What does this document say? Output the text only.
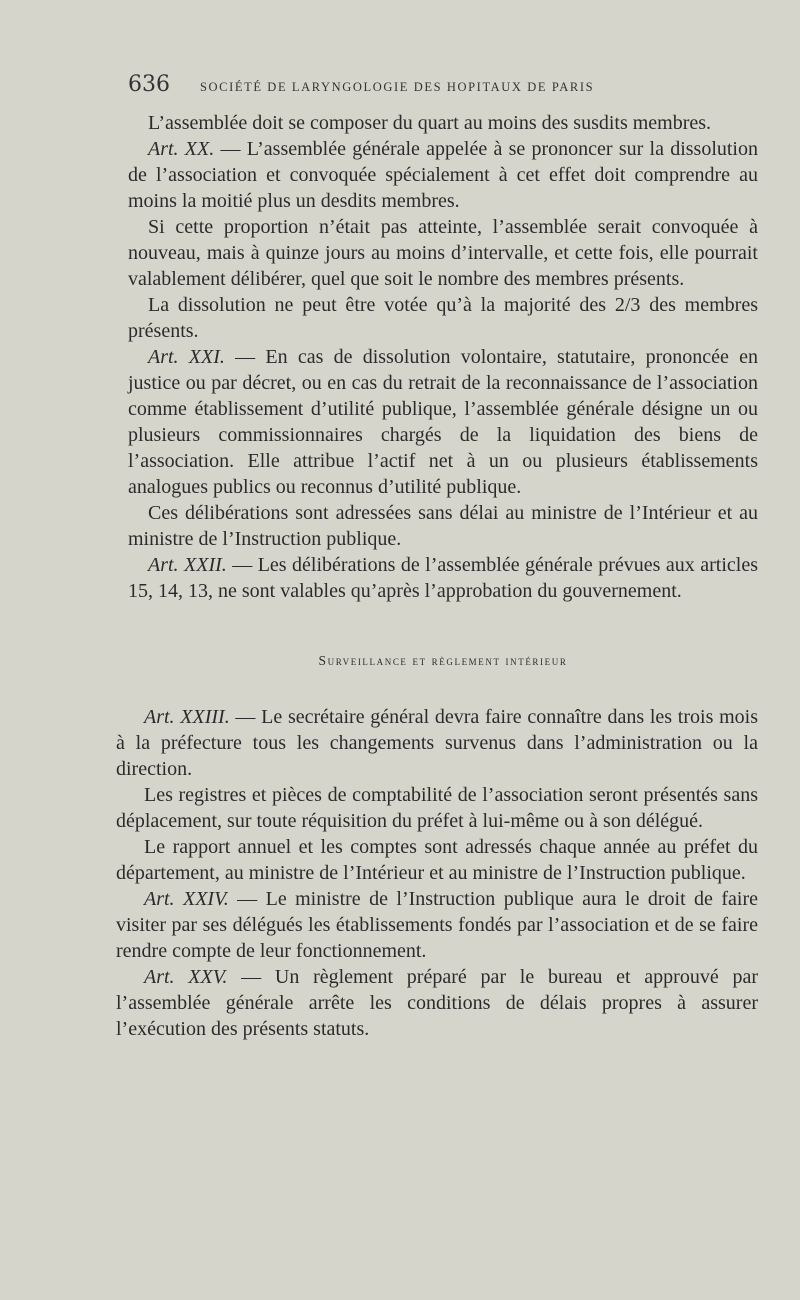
636 SOCIÉTÉ DE LARYNGOLOGIE DES HOPITAUX DE PARIS

L’assemblée doit se composer du quart au moins des susdits membres.

Art. XX. — L’assemblée générale appelée à se prononcer sur la dissolution de l’association et convoquée spécialement à cet effet doit comprendre au moins la moitié plus un desdits membres.

Si cette proportion n’était pas atteinte, l’assemblée serait convoquée à nouveau, mais à quinze jours au moins d’intervalle, et cette fois, elle pourrait valablement délibérer, quel que soit le nombre des membres présents.

La dissolution ne peut être votée qu’à la majorité des 2/3 des membres présents.

Art. XXI. — En cas de dissolution volontaire, statutaire, prononcée en justice ou par décret, ou en cas du retrait de la reconnaissance de l’association comme établissement d’utilité publique, l’assemblée générale désigne un ou plusieurs commissionnaires chargés de la liquidation des biens de l’association. Elle attribue l’actif net à un ou plusieurs établissements analogues publics ou reconnus d’utilité publique.

Ces délibérations sont adressées sans délai au ministre de l’Intérieur et au ministre de l’Instruction publique.

Art. XXII. — Les délibérations de l’assemblée générale prévues aux articles 15, 14, 13, ne sont valables qu’après l’approbation du gouvernement.

Surveillance et règlement intérieur

Art. XXIII. — Le secrétaire général devra faire connaître dans les trois mois à la préfecture tous les changements survenus dans l’administration ou la direction.

Les registres et pièces de comptabilité de l’association seront présentés sans déplacement, sur toute réquisition du préfet à lui-même ou à son délégué.

Le rapport annuel et les comptes sont adressés chaque année au préfet du département, au ministre de l’Intérieur et au ministre de l’Instruction publique.

Art. XXIV. — Le ministre de l’Instruction publique aura le droit de faire visiter par ses délégués les établissements fondés par l’association et de se faire rendre compte de leur fonctionnement.

Art. XXV. — Un règlement préparé par le bureau et approuvé par l’assemblée générale arrête les conditions de délais propres à assurer l’exécution des présents statuts.
